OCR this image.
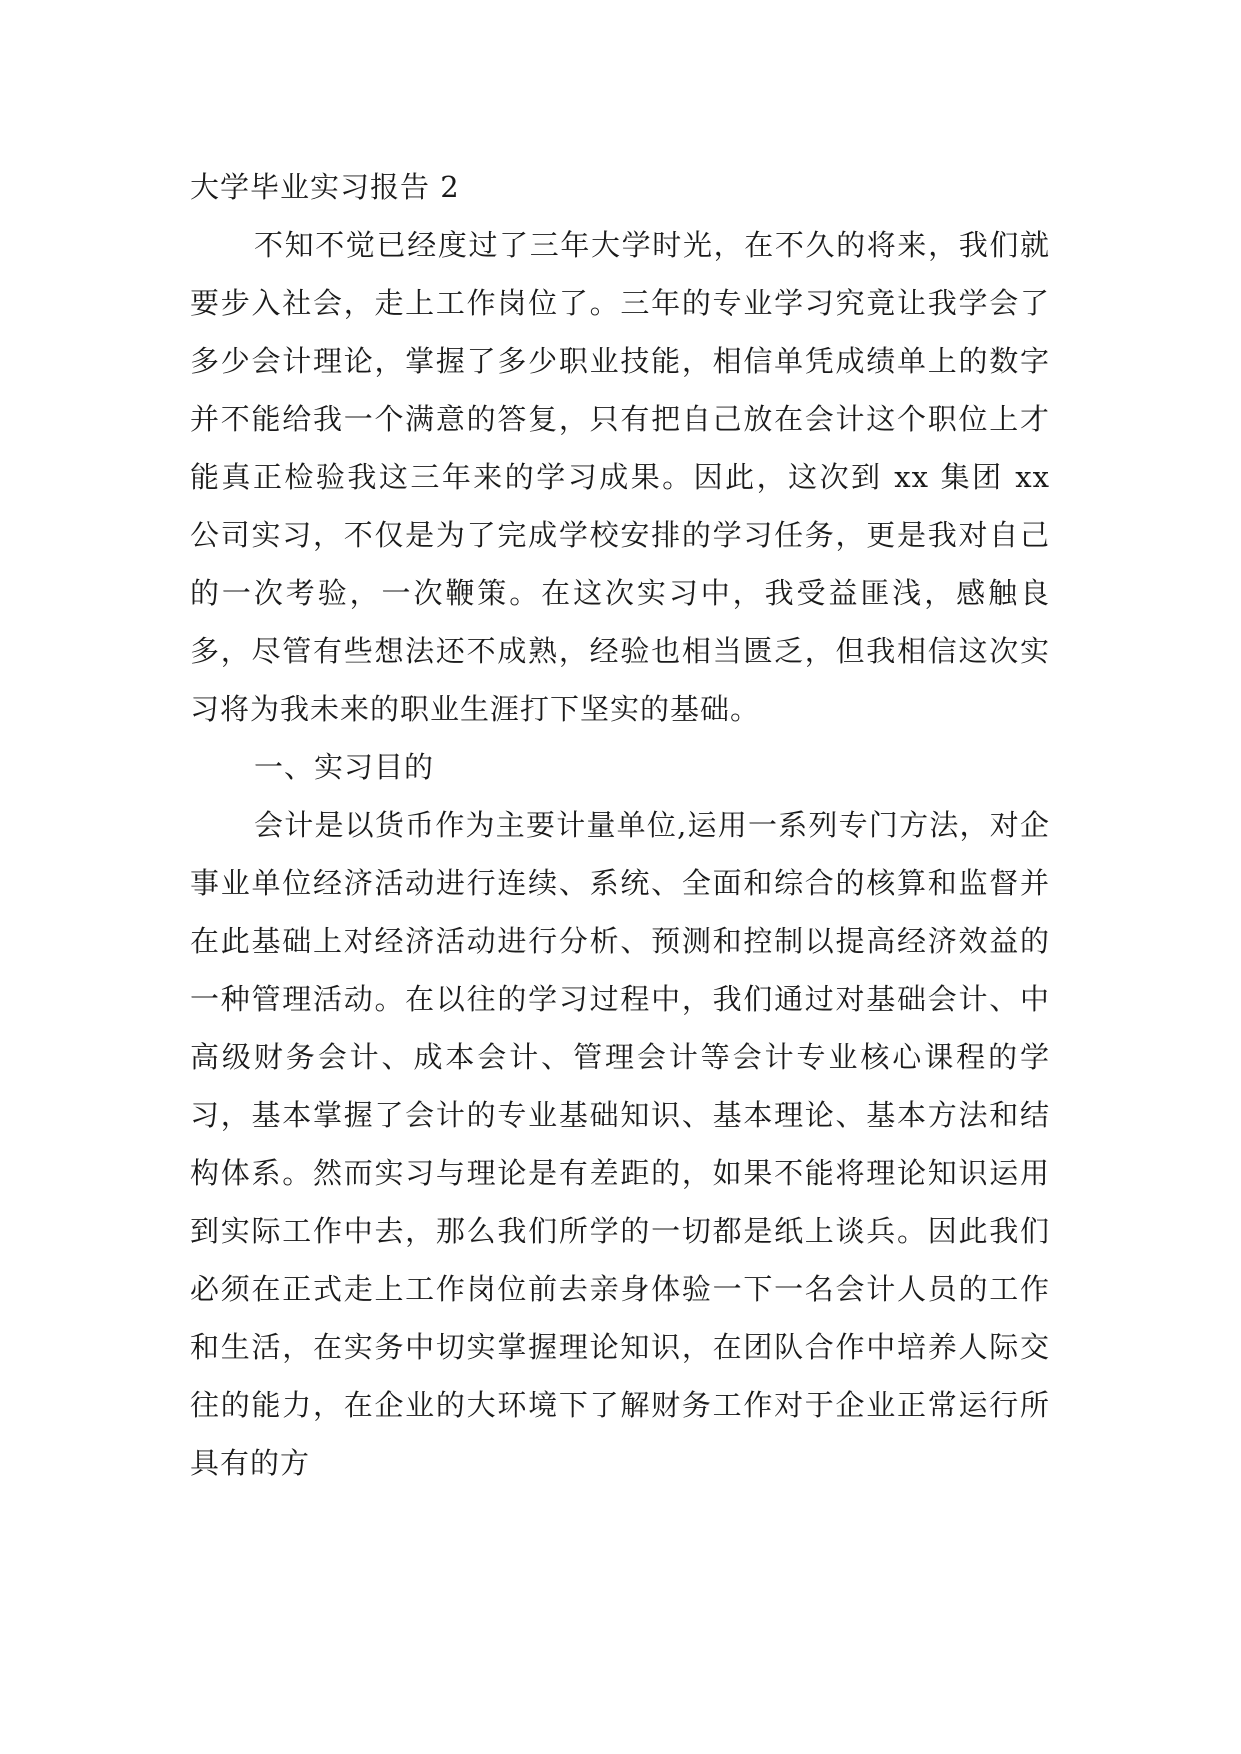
大学毕业实习报告 2

不知不觉已经度过了三年大学时光，在不久的将来，我们就要步入社会，走上工作岗位了。三年的专业学习究竟让我学会了多少会计理论，掌握了多少职业技能，相信单凭成绩单上的数字并不能给我一个满意的答复，只有把自己放在会计这个职位上才能真正检验我这三年来的学习成果。因此，这次到 xx 集团 xx 公司实习，不仅是为了完成学校安排的学习任务，更是我对自己的一次考验，一次鞭策。在这次实习中，我受益匪浅，感触良多，尽管有些想法还不成熟，经验也相当匮乏，但我相信这次实习将为我未来的职业生涯打下坚实的基础。

一、实习目的

会计是以货币作为主要计量单位,运用一系列专门方法，对企事业单位经济活动进行连续、系统、全面和综合的核算和监督并在此基础上对经济活动进行分析、预测和控制以提高经济效益的一种管理活动。在以往的学习过程中，我们通过对基础会计、中高级财务会计、成本会计、管理会计等会计专业核心课程的学习，基本掌握了会计的专业基础知识、基本理论、基本方法和结构体系。然而实习与理论是有差距的，如果不能将理论知识运用到实际工作中去，那么我们所学的一切都是纸上谈兵。因此我们必须在正式走上工作岗位前去亲身体验一下一名会计人员的工作和生活，在实务中切实掌握理论知识，在团队合作中培养人际交往的能力，在企业的大环境下了解财务工作对于企业正常运行所具有的方
